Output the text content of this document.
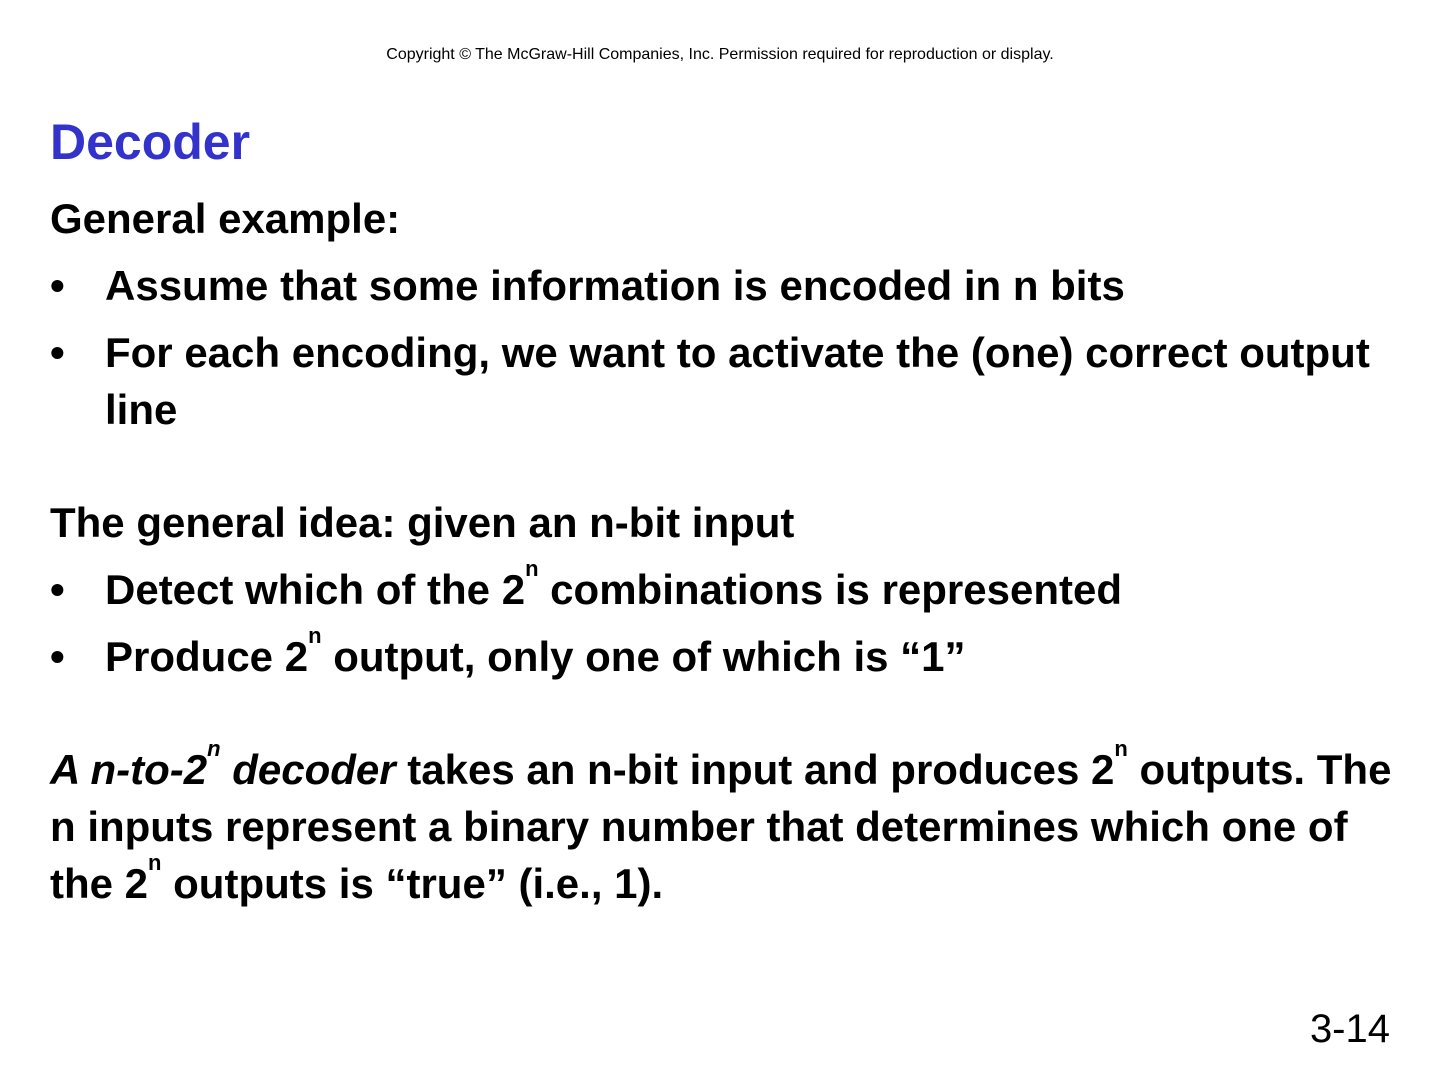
Copyright © The McGraw-Hill Companies, Inc. Permission required for reproduction or display.
Decoder

General example:

• Assume that some information is encoded in n bits
• For each encoding, we want to activate the (one) correct output line

The general idea: given an n-bit input

• Detect which of the 2$^n$ combinations is represented
• Produce 2$^n$ output, only one of which is “1”

A n-to-2$^n$ decoder takes an n-bit input and produces 2$^n$ outputs. The n inputs represent a binary number that determines which one of the 2$^n$ outputs is “true” (i.e., 1).

3-14
